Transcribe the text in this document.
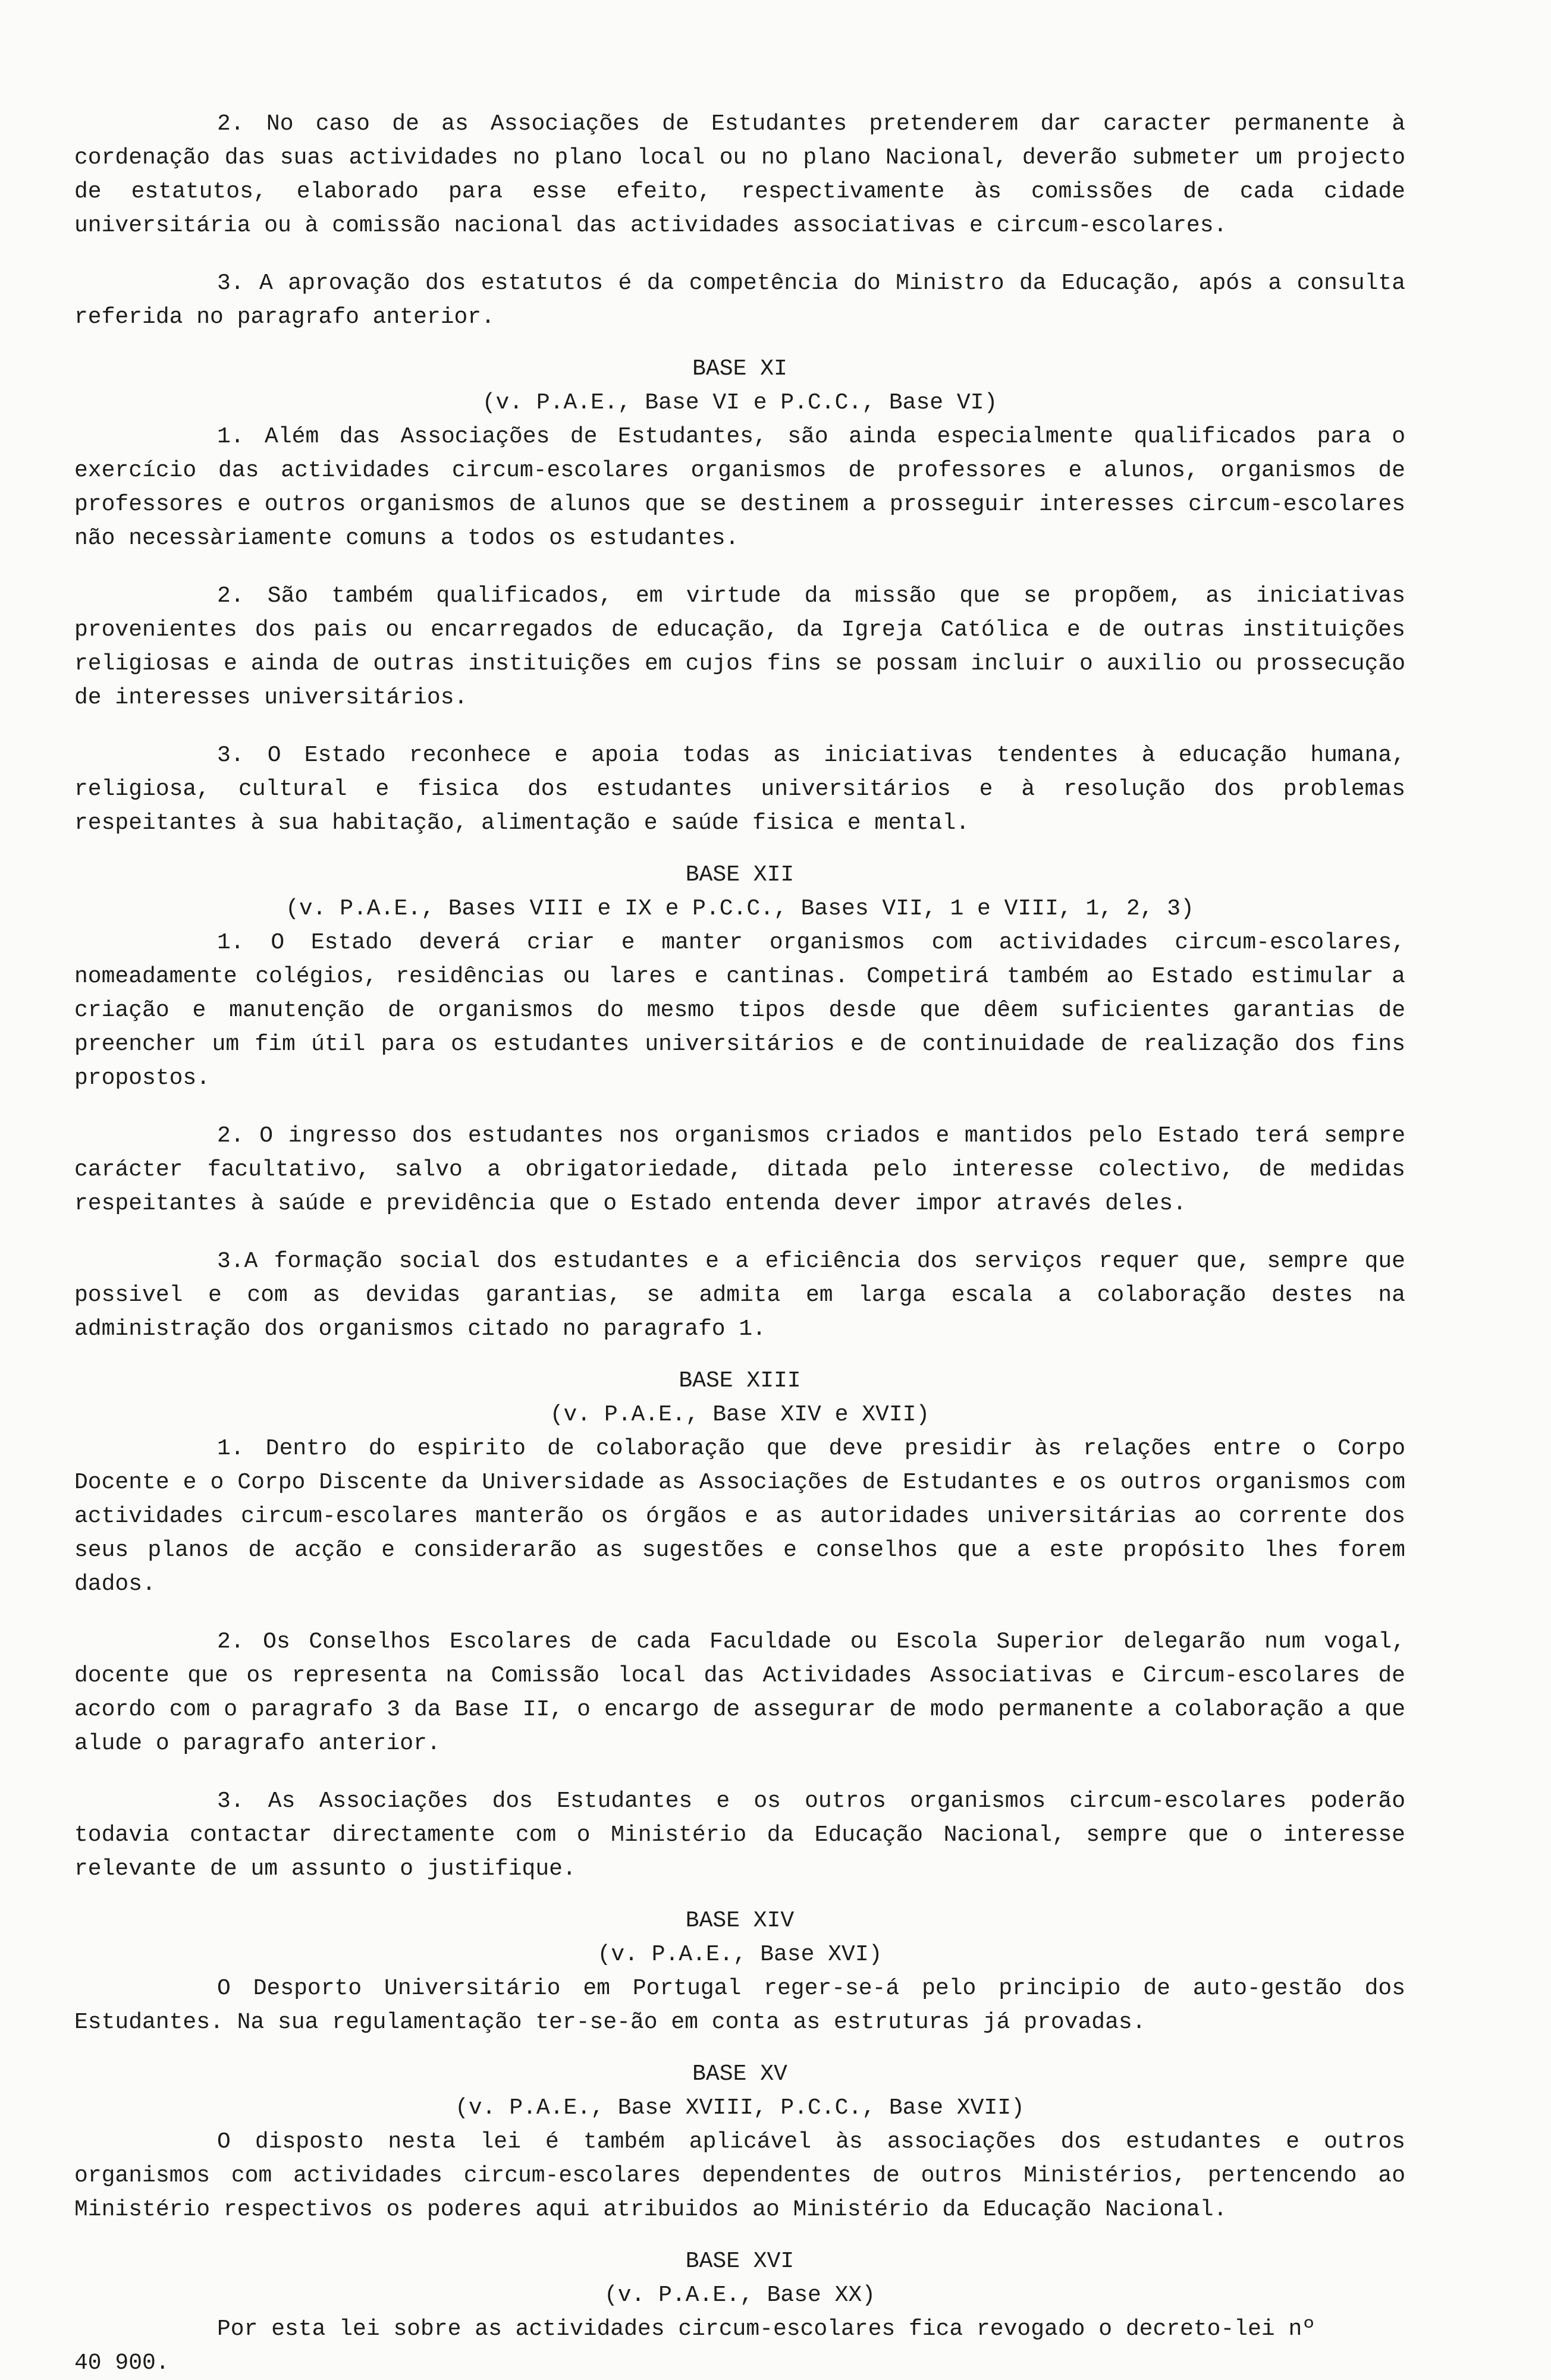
2. No caso de as Associações de Estudantes pretenderem dar caracter permanente à cordenação das suas actividades no plano local ou no plano Nacional, deverão submeter um projecto de estatutos, elaborado para esse efeito, respectivamente às comissões de cada cidade universitária ou à comissão nacional das actividades associativas e circum-escolares.

3. A aprovação dos estatutos é da competência do Ministro da Educação, após a consulta referida no paragrafo anterior.

BASE XI

(v. P.A.E., Base VI e P.C.C., Base VI)

1. Além das Associações de Estudantes, são ainda especialmente qualificados para o exercício das actividades circum-escolares organismos de professores e alunos, organismos de professores e outros organismos de alunos que se destinem a prosseguir interesses circum-escolares não necessàriamente comuns a todos os estudantes.

2. São também qualificados, em virtude da missão que se propõem, as iniciativas provenientes dos pais ou encarregados de educação, da Igreja Católica e de outras instituições religiosas e ainda de outras instituições em cujos fins se possam incluir o auxilio ou prossecução de interesses universitários.

3. O Estado reconhece e apoia todas as iniciativas tendentes à educação humana, religiosa, cultural e fisica dos estudantes universitários e à resolução dos problemas respeitantes à sua habitação, alimentação e saúde fisica e mental.

BASE XII

(v. P.A.E., Bases VIII e IX e P.C.C., Bases VII, 1 e VIII, 1, 2, 3)

1. O Estado deverá criar e manter organismos com actividades circum-escolares, nomeadamente colégios, residências ou lares e cantinas. Competirá também ao Estado estimular a criação e manutenção de organismos do mesmo tipos desde que dêem suficientes garantias de preencher um fim útil para os estudantes universitários e de continuidade de realização dos fins propostos.

2. O ingresso dos estudantes nos organismos criados e mantidos pelo Estado terá sempre carácter facultativo, salvo a obrigatoriedade, ditada pelo interesse colectivo, de medidas respeitantes à saúde e previdência que o Estado entenda dever impor através deles.

3.A formação social dos estudantes e a eficiência dos serviços requer que, sempre que possivel e com as devidas garantias, se admita em larga escala a colaboração destes na administração dos organismos citado no paragrafo 1.

BASE XIII

(v. P.A.E., Base XIV e XVII)

1. Dentro do espirito de colaboração que deve presidir às relações entre o Corpo Docente e o Corpo Discente da Universidade as Associações de Estudantes e os outros organismos com actividades circum-escolares manterão os órgãos e as autoridades universitárias ao corrente dos seus planos de acção e considerarão as sugestões e conselhos que a este propósito lhes forem dados.

2. Os Conselhos Escolares de cada Faculdade ou Escola Superior delegarão num vogal, docente que os representa na Comissão local das Actividades Associativas e Circum-escolares de acordo com o paragrafo 3 da Base II, o encargo de assegurar de modo permanente a colaboração a que alude o paragrafo anterior.

3. As Associações dos Estudantes e os outros organismos circum-escolares poderão todavia contactar directamente com o Ministério da Educação Nacional, sempre que o interesse relevante de um assunto o justifique.

BASE XIV

(v. P.A.E., Base XVI)

O Desporto Universitário em Portugal reger-se-á pelo principio de auto-gestão dos Estudantes. Na sua regulamentação ter-se-ão em conta as estruturas já provadas.

BASE XV

(v. P.A.E., Base XVIII, P.C.C., Base XVII)

O disposto nesta lei é também aplicável às associações dos estudantes e outros organismos com actividades circum-escolares dependentes de outros Ministérios, pertencendo ao Ministério respectivos os poderes aqui atribuidos ao Ministério da Educação Nacional.

BASE XVI

(v. P.A.E., Base XX)

Por esta lei sobre as actividades circum-escolares fica revogado o decreto-lei nº

40 900.
